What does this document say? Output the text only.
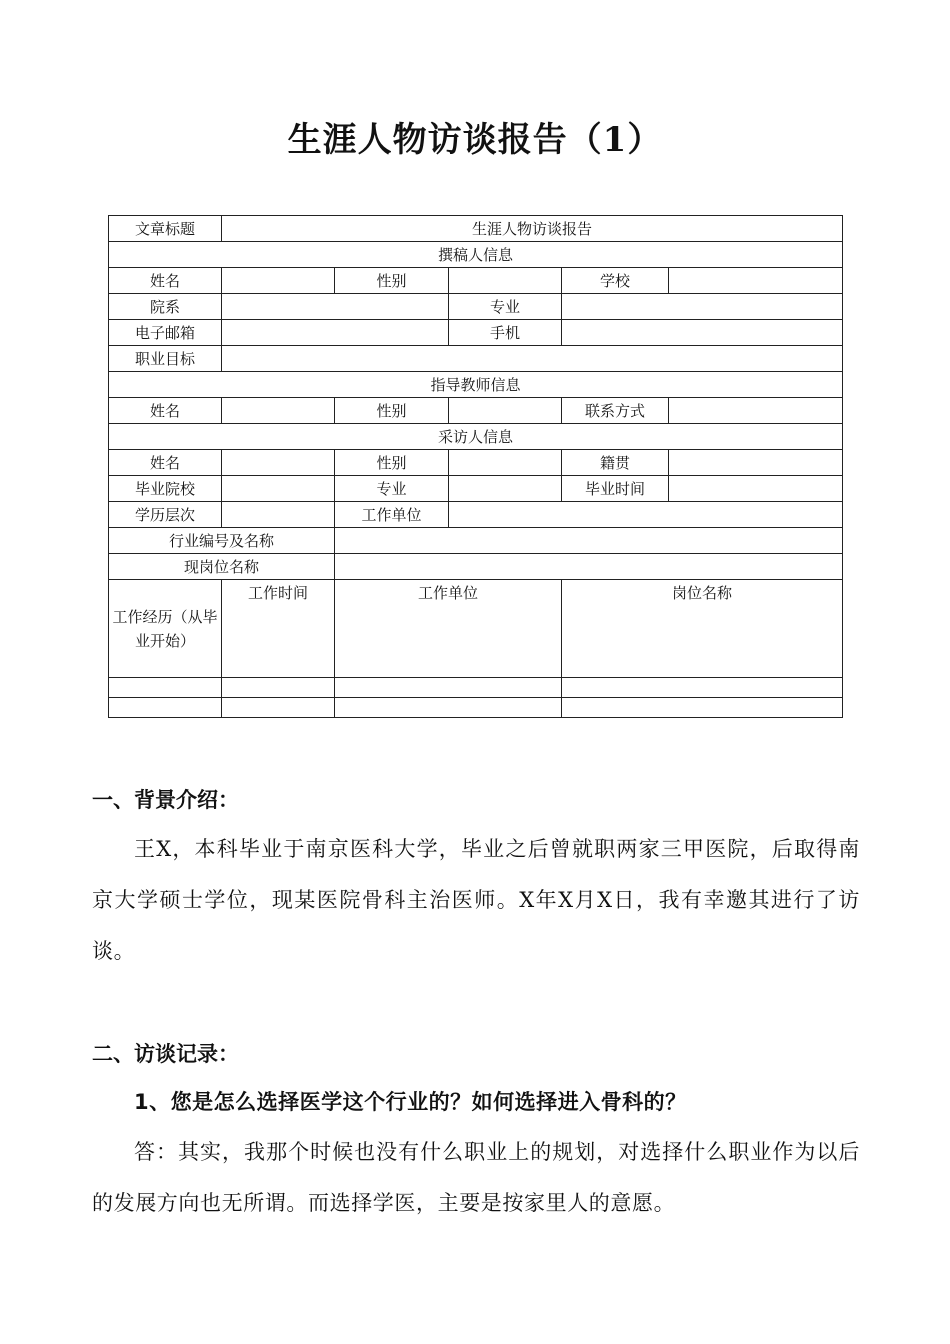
生涯人物访谈报告（1）
文章标题	生涯人物访谈报告				
撰稿人信息					
姓名		性别		学校	
院系			专业		
电子邮箱			手机		
职业目标					
指导教师信息					
姓名		性别		联系方式	
采访人信息					
姓名		性别		籍贯	
毕业院校		专业		毕业时间	
学历层次		工作单位			
行业编号及名称					
现岗位名称					
工作经历（从毕业开始）	工作时间	工作单位		岗位名称	

一、背景介绍：

王X，本科毕业于南京医科大学，毕业之后曾就职两家三甲医院，后取得南京大学硕士学位，现某医院骨科主治医师。X年X月X日，我有幸邀其进行了访谈。

二、访谈记录：
1、您是怎么选择医学这个行业的？如何选择进入骨科的？

答：其实，我那个时候也没有什么职业上的规划，对选择什么职业作为以后的发展方向也无所谓。而选择学医，主要是按家里人的意愿。
